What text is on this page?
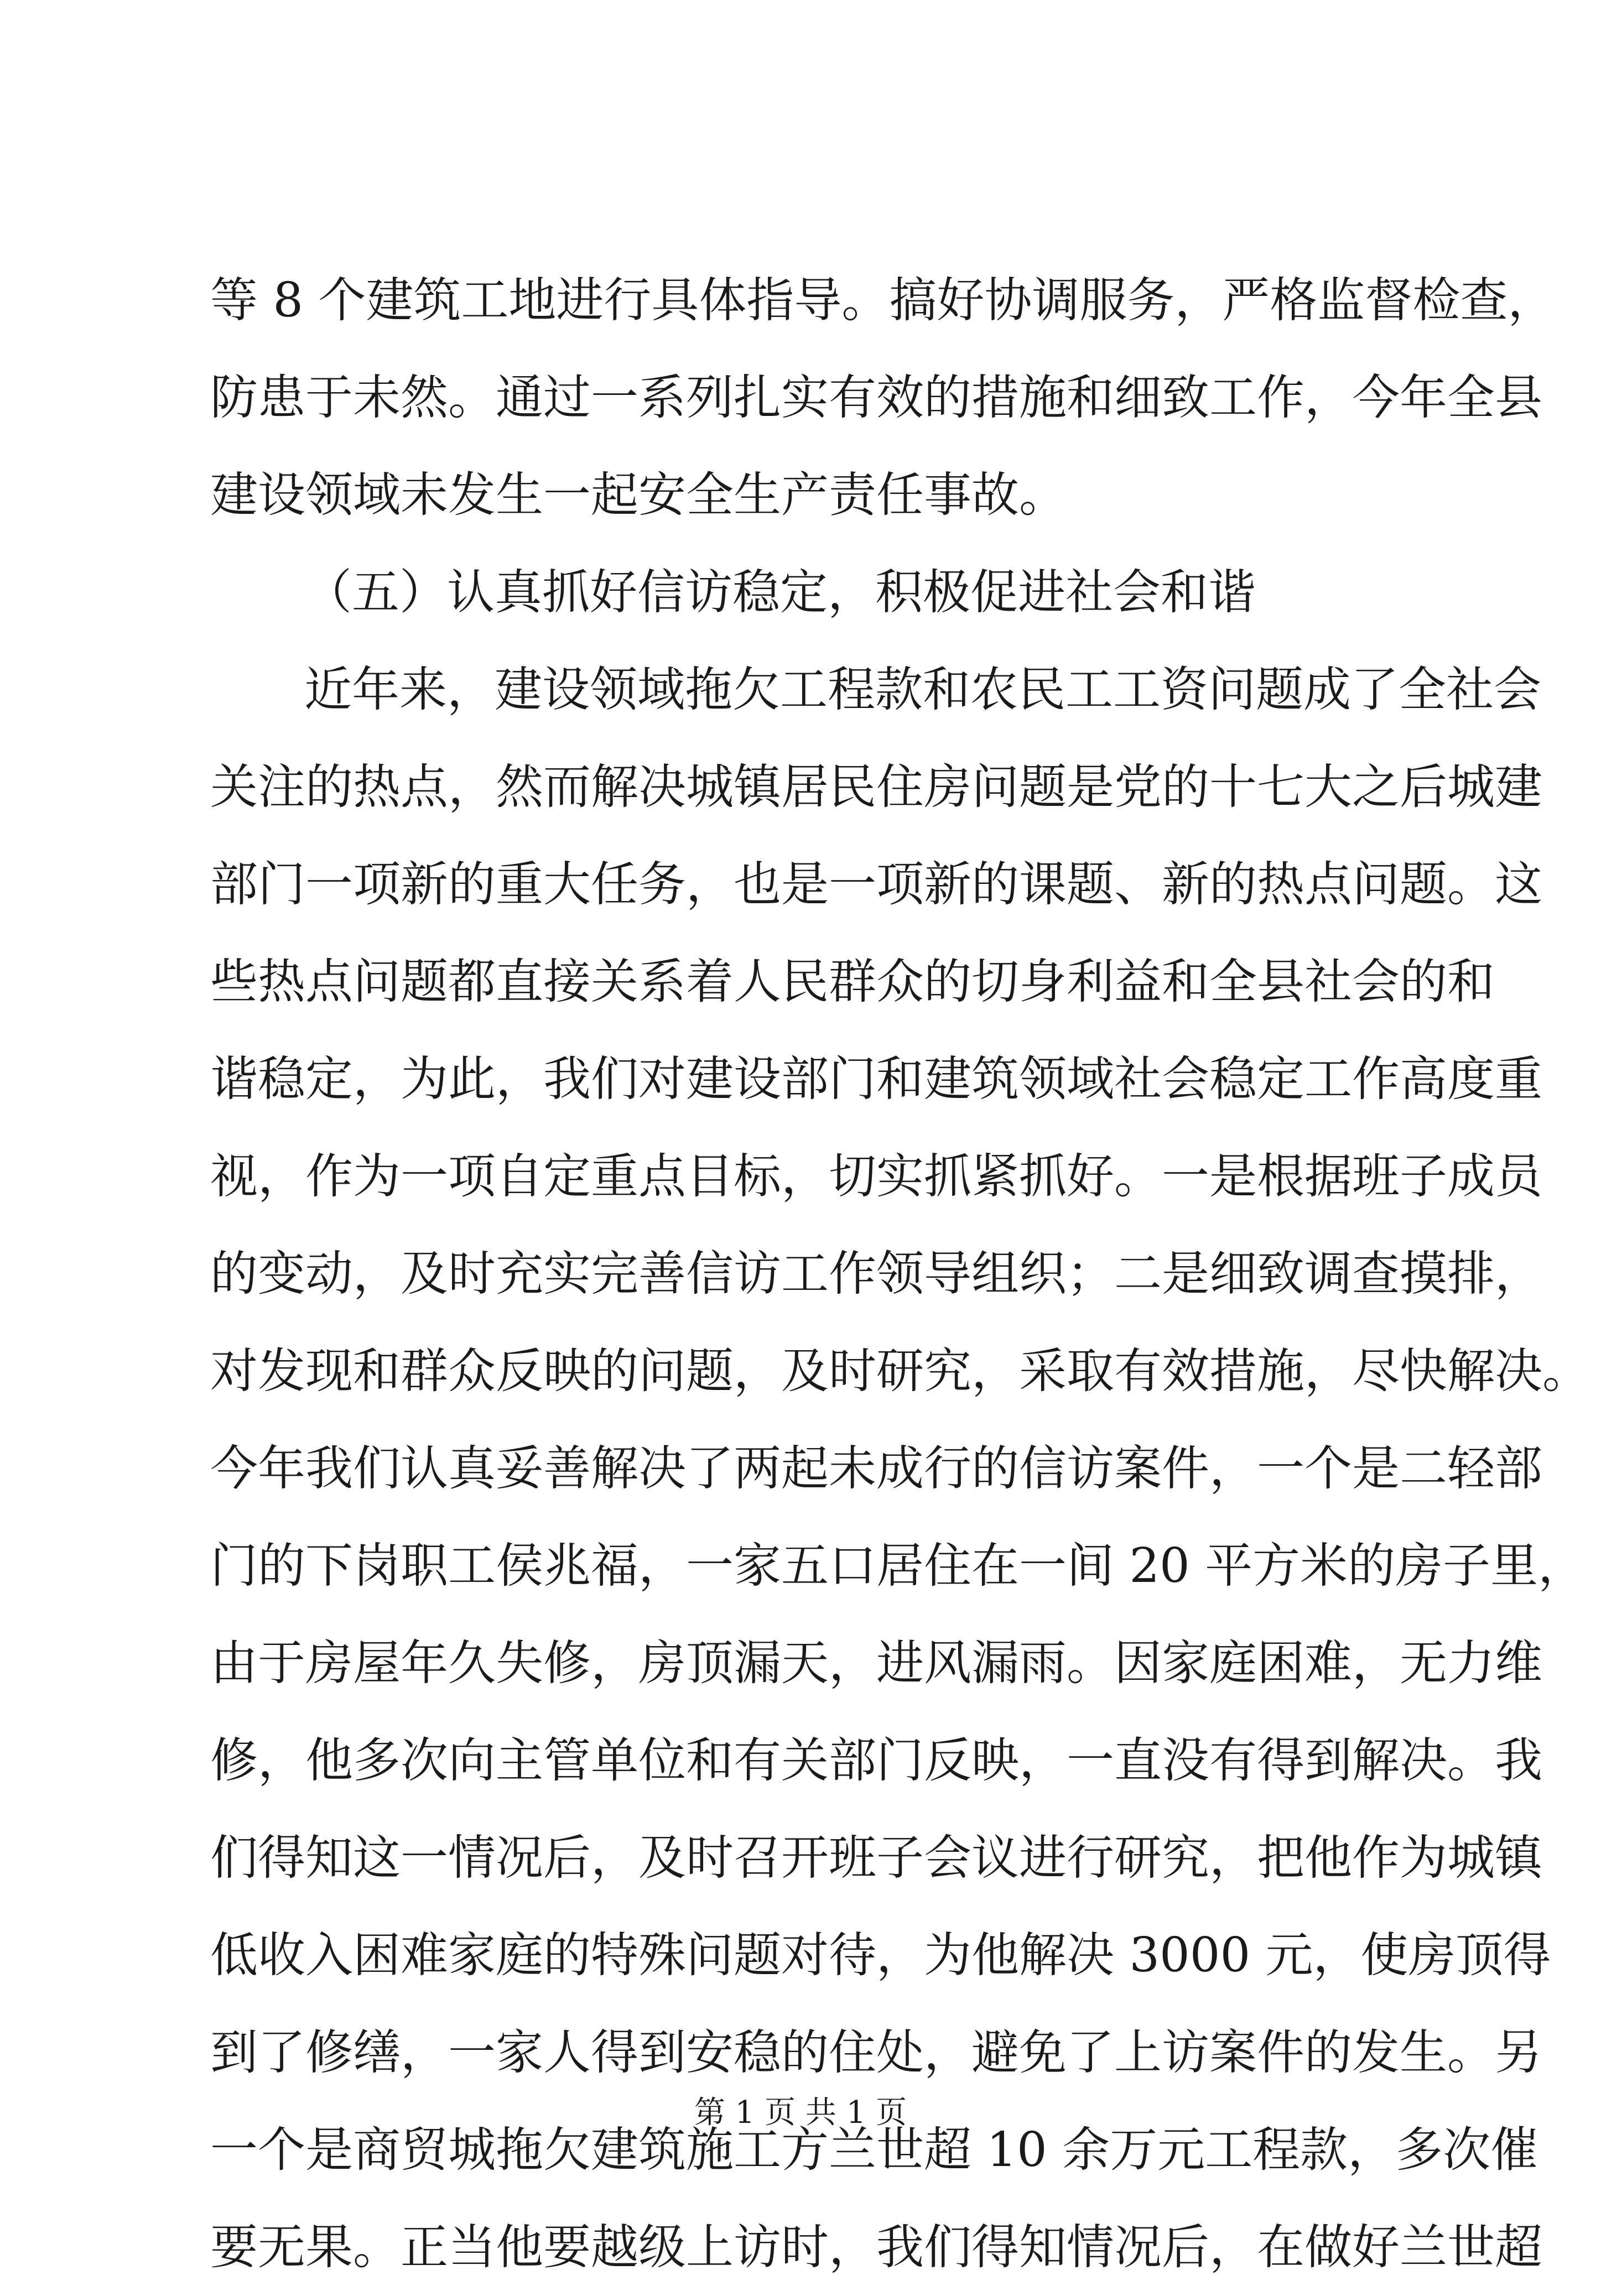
等 8 个建筑工地进行具体指导。搞好协调服务，严格监督检查，
防患于未然。通过一系列扎实有效的措施和细致工作，今年全县
建设领域未发生一起安全生产责任事故。
（五）认真抓好信访稳定，积极促进社会和谐
近年来，建设领域拖欠工程款和农民工工资问题成了全社会
关注的热点，然而解决城镇居民住房问题是党的十七大之后城建
部门一项新的重大任务，也是一项新的课题、新的热点问题。这
些热点问题都直接关系着人民群众的切身利益和全县社会的和
谐稳定，为此，我们对建设部门和建筑领域社会稳定工作高度重
视，作为一项自定重点目标，切实抓紧抓好。一是根据班子成员
的变动，及时充实完善信访工作领导组织；二是细致调查摸排，
对发现和群众反映的问题，及时研究，采取有效措施，尽快解决。
今年我们认真妥善解决了两起未成行的信访案件，一个是二轻部
门的下岗职工侯兆福，一家五口居住在一间 20 平方米的房子里，
由于房屋年久失修，房顶漏天，进风漏雨。因家庭困难，无力维
修，他多次向主管单位和有关部门反映，一直没有得到解决。我
们得知这一情况后，及时召开班子会议进行研究，把他作为城镇
低收入困难家庭的特殊问题对待，为他解决 3000 元，使房顶得
到了修缮，一家人得到安稳的住处，避免了上访案件的发生。另
一个是商贸城拖欠建筑施工方兰世超 10 余万元工程款，多次催
要无果。正当他要越级上访时，我们得知情况后，在做好兰世超
第 1 页 共 1 页
